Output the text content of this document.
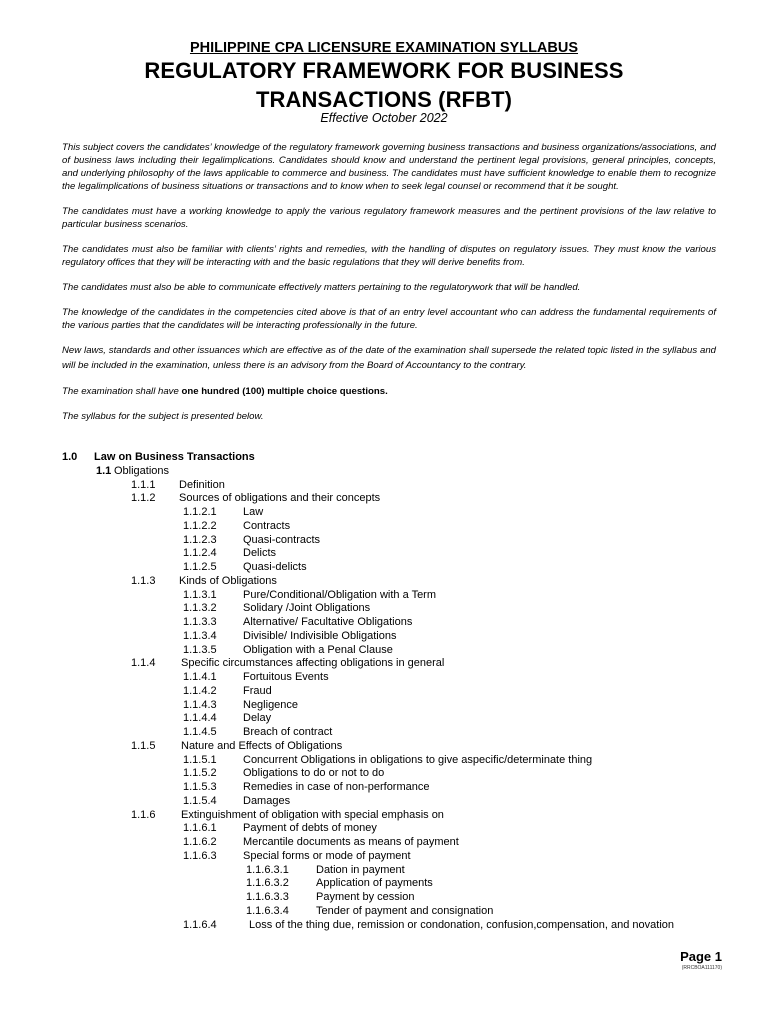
PHILIPPINE CPA LICENSURE EXAMINATION SYLLABUS
REGULATORY FRAMEWORK FOR BUSINESS
TRANSACTIONS (RFBT)
Effective October 2022

This subject covers the candidates’ knowledge of the regulatory framework governing business transactions and business organizations/associations, and of business laws including their legalimplications. Candidates should know and understand the pertinent legal provisions, general principles, concepts, and underlying philosophy of the laws applicable to commerce and business. The candidates must have sufficient knowledge to enable them to recognize the legalimplications of business situations or transactions and to know when to seek legal counsel or recommend that it be sought.

The candidates must have a working knowledge to apply the various regulatory framework measures and the pertinent provisions of the law relative to particular business scenarios.

The candidates must also be familiar with clients’ rights and remedies, with the handling of disputes on regulatory issues. They must know the various regulatory offices that they will be interacting with and the basic regulations that they will derive benefits from.

The candidates must also be able to communicate effectively matters pertaining to the regulatorywork that will be handled.

The knowledge of the candidates in the competencies cited above is that of an entry level accountant who can address the fundamental requirements of the various parties that the candidates will be interacting professionally in the future.

New laws, standards and other issuances which are effective as of the date of the examination shall supersede the related topic listed in the syllabus and will be included in the examination, unless there is an advisory from the Board of Accountancy to the contrary.

The examination shall have one hundred (100) multiple choice questions.

The syllabus for the subject is presented below.

1.0 Law on Business Transactions
1.1 Obligations
1.1.1 Definition
1.1.2 Sources of obligations and their concepts
1.1.2.1 Law
1.1.2.2 Contracts
1.1.2.3 Quasi-contracts
1.1.2.4 Delicts
1.1.2.5 Quasi-delicts
1.1.3 Kinds of Obligations
1.1.3.1 Pure/Conditional/Obligation with a Term
1.1.3.2 Solidary /Joint Obligations
1.1.3.3 Alternative/ Facultative Obligations
1.1.3.4 Divisible/ Indivisible Obligations
1.1.3.5 Obligation with a Penal Clause
1.1.4 Specific circumstances affecting obligations in general
1.1.4.1 Fortuitous Events
1.1.4.2 Fraud
1.1.4.3 Negligence
1.1.4.4 Delay
1.1.4.5 Breach of contract
1.1.5 Nature and Effects of Obligations
1.1.5.1 Concurrent Obligations in obligations to give aspecific/determinate thing
1.1.5.2 Obligations to do or not to do
1.1.5.3 Remedies in case of non-performance
1.1.5.4 Damages
1.1.6 Extinguishment of obligation with special emphasis on
1.1.6.1 Payment of debts of money
1.1.6.2 Mercantile documents as means of payment
1.1.6.3 Special forms or mode of payment
1.1.6.3.1 Dation in payment
1.1.6.3.2 Application of payments
1.1.6.3.3 Payment by cession
1.1.6.3.4 Tender of payment and consignation
1.1.6.4	Loss of the thing due, remission or condonation, confusion,compensation, and novation
Page 1
(RRCBOA111170)
